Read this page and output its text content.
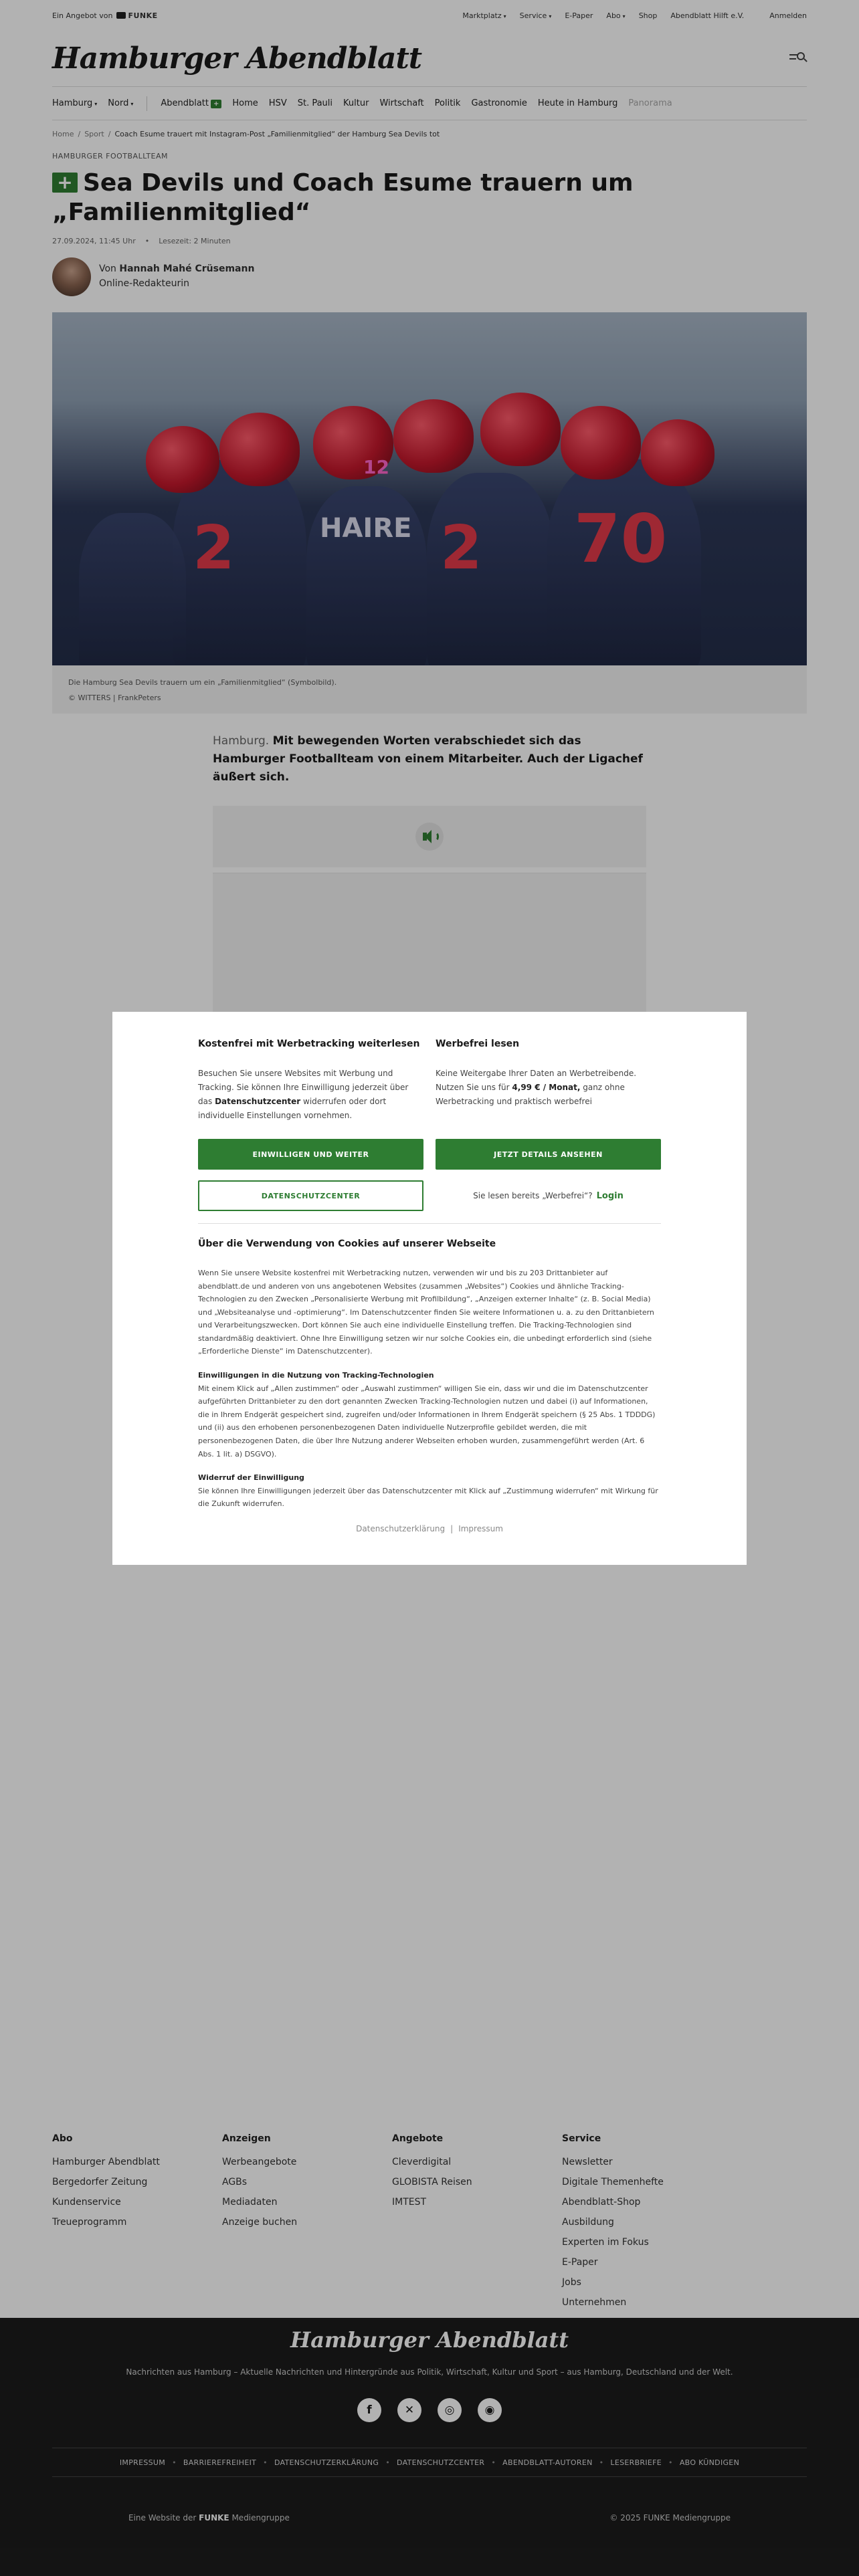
Ein Angebot von FUNKE	Marktplatz ▾ Service ▾ E-Paper Abo ▾ Shop Abendblatt Hilft e.V.	Anmelden
Hamburger Abendblatt
Hamburg ▾ Nord ▾	Abendblatt +	Home HSV St. Pauli Kultur Wirtschaft Politik Gastronomie Heute in Hamburg Panorama
Home / Sport / Coach Esume trauert mit Instagram-Post „Familienmitglied“ der Hamburg Sea Devils tot
HAMBURGER FOOTBALLTEAM
+ Sea Devils und Coach Esume trauern um „Familienmitglied“
27.09.2024, 11:45 Uhr • Lesezeit: 2 Minuten
Von Hannah Mahé Crüsemann
Online-Redakteurin
2	HAIRE 2 70
12
Die Hamburg Sea Devils trauern um ein „Familienmitglied“ (Symbolbild).
© WITTERS | FrankPeters

Hamburg. Mit bewegenden Worten verabschiedet sich das Hamburger Footballteam von einem Mitarbeiter. Auch der Ligachef äußert sich.

Kostenfrei mit Werbetracking weiterlesen

Besuchen Sie unsere Websites mit Werbung und Tracking. Sie können Ihre Einwilligung jederzeit über das Datenschutzcenter widerrufen oder dort individuelle Einstellungen vornehmen.

Werbefrei lesen

Keine Weitergabe Ihrer Daten an Werbetreibende. Nutzen Sie uns für 4,99 € / Monat, ganz ohne Werbetracking und praktisch werbefrei

EINWILLIGEN UND WEITER	JETZT DETAILS ANSEHEN
DATENSCHUTZCENTER	Sie lesen bereits „Werbefrei“? Login
Über die Verwendung von Cookies auf unserer Webseite

Wenn Sie unsere Website kostenfrei mit Werbetracking nutzen, verwenden wir und bis zu 203 Drittanbieter auf abendblatt.de und anderen von uns angebotenen Websites (zusammen „Websites“) Cookies und ähnliche Tracking-Technologien zu den Zwecken „Personalisierte Werbung mit Profilbildung“, „Anzeigen externer Inhalte“ (z. B. Social Media) und „Websiteanalyse und -optimierung“. Im Datenschutzcenter finden Sie weitere Informationen u. a. zu den Drittanbietern und Verarbeitungszwecken. Dort können Sie auch eine individuelle Einstellung treffen. Die Tracking-Technologien sind standardmäßig deaktiviert. Ohne Ihre Einwilligung setzen wir nur solche Cookies ein, die unbedingt erforderlich sind (siehe „Erforderliche Dienste“ im Datenschutzcenter).

Einwilligungen in die Nutzung von Tracking-Technologien
Mit einem Klick auf „Allen zustimmen“ oder „Auswahl zustimmen“ willigen Sie ein, dass wir und die im Datenschutzcenter aufgeführten Drittanbieter zu den dort genannten Zwecken Tracking-Technologien nutzen und dabei (i) auf Informationen, die in Ihrem Endgerät gespeichert sind, zugreifen und/oder Informationen in Ihrem Endgerät speichern (§ 25 Abs. 1 TDDDG) und (ii) aus den erhobenen personenbezogenen Daten individuelle Nutzerprofile gebildet werden, die mit personenbezogenen Daten, die über Ihre Nutzung anderer Webseiten erhoben wurden, zusammengeführt werden (Art. 6 Abs. 1 lit. a) DSGVO).

Widerruf der Einwilligung
Sie können Ihre Einwilligungen jederzeit über das Datenschutzcenter mit Klick auf „Zustimmung widerrufen“ mit Wirkung für die Zukunft widerrufen.

Datenschutzerklärung | Impressum
Abo
Hamburger Abendblatt
Bergedorfer Zeitung
Kundenservice
Treueprogramm
Anzeigen
Werbeangebote
AGBs
Mediadaten
Anzeige buchen
Angebote
Cleverdigital
GLOBISTA Reisen
IMTEST
Service
Newsletter
Digitale Themenhefte
Abendblatt-Shop
Ausbildung
Experten im Fokus
E-Paper
Jobs
Unternehmen
Hamburger Abendblatt
Nachrichten aus Hamburg – Aktuelle Nachrichten und Hintergründe aus Politik, Wirtschaft, Kultur und Sport – aus Hamburg, Deutschland und der Welt.
f	✕	◎	◉
IMPRESSUM • BARRIEREFREIHEIT • DATENSCHUTZERKLÄRUNG • DATENSCHUTZCENTER • ABENDBLATT-AUTOREN • LESERBRIEFE • ABO KÜNDIGEN
Eine Website der FUNKE Mediengruppe	© 2025 FUNKE Mediengruppe
